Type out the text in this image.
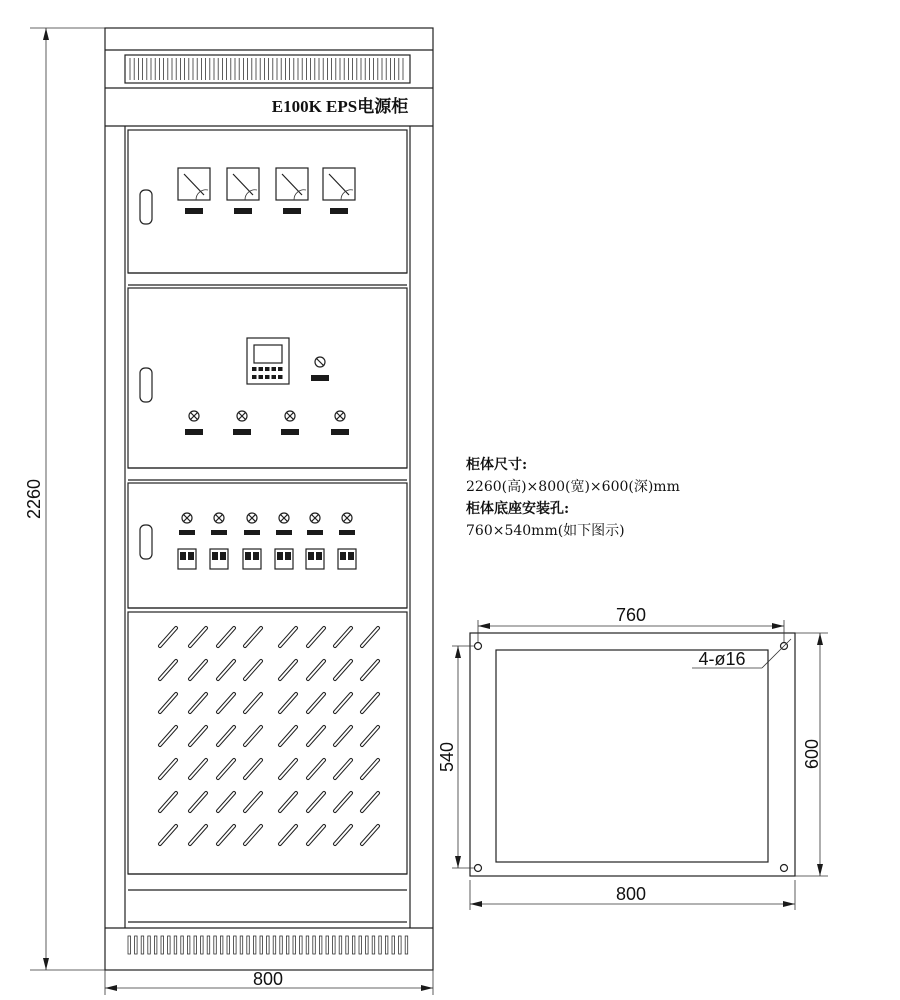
2260
E100K EPS电源柜
800
760
4-ø16
540	600
800
柜体尺寸:
2260(高)×800(宽)×600(深)mm
柜体底座安装孔:
760×540mm(如下图示)
